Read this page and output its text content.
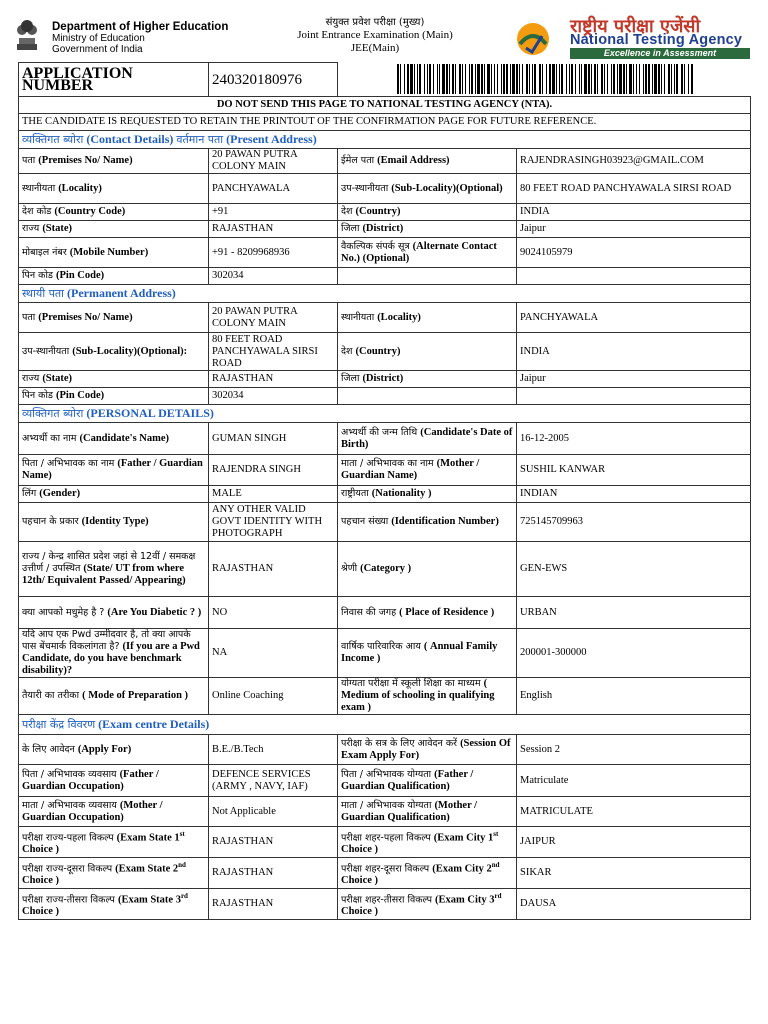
Department of Higher Education
Ministry of Education
Government of India
संयुक्त प्रवेश परीक्षा (मुख्य)
Joint Entrance Examination (Main)
JEE(Main)
राष्ट्रीय परीक्षा एजेंसी
National Testing Agency
Excellence in Assessment
APPLICATION NUMBER	240320180976	

DO NOT SEND THIS PAGE TO NATIONAL TESTING AGENCY (NTA).			
THE CANDIDATE IS REQUESTED TO RETAIN THE PRINTOUT OF THE CONFIRMATION PAGE FOR FUTURE REFERENCE.			
व्यक्तिगत ब्योरा (Contact Details) वर्तमान पता (Present Address)			
पता (Premises No/ Name)	20 PAWAN PUTRA COLONY MAIN	ईमेल पता (Email Address)	RAJENDRASINGH03923@GMAIL.COM
स्थानीयता (Locality)	PANCHYAWALA	उप-स्थानीयता (Sub-Locality)(Optional)	80 FEET ROAD PANCHYAWALA SIRSI ROAD
देश कोड (Country Code)	+91	देश (Country)	INDIA
राज्य (State)	RAJASTHAN	जिला (District)	Jaipur
मोबाइल नंबर (Mobile Number)	+91 - 8209968936	वैकल्पिक संपर्क सूत्र (Alternate Contact No.) (Optional)	9024105979
पिन कोड (Pin Code)	302034		
स्थायी पता (Permanent Address)			
पता (Premises No/ Name)	20 PAWAN PUTRA COLONY MAIN	स्थानीयता (Locality)	PANCHYAWALA
उप-स्थानीयता (Sub-Locality)(Optional):	80 FEET ROAD PANCHYAWALA SIRSI ROAD	देश (Country)	INDIA
राज्य (State)	RAJASTHAN	जिला (District)	Jaipur
पिन कोड (Pin Code)	302034		
व्यक्तिगत ब्योरा (PERSONAL DETAILS)			
अभ्यर्थी का नाम (Candidate's Name)	GUMAN SINGH	अभ्यर्थी की जन्म तिथि (Candidate's Date of Birth)	16-12-2005
पिता / अभिभावक का नाम (Father / Guardian Name)	RAJENDRA SINGH	माता / अभिभावक का नाम (Mother / Guardian Name)	SUSHIL KANWAR
लिंग (Gender)	MALE	राष्ट्रीयता (Nationality )	INDIAN
पहचान के प्रकार (Identity Type)	ANY OTHER VALID GOVT IDENTITY WITH PHOTOGRAPH	पहचान संख्या (Identification Number)	725145709963
राज्य / केन्द्र शासित प्रदेश जहां से 12वीं / समकक्ष उत्तीर्ण / उपस्थित (State/ UT from where 12th/ Equivalent Passed/ Appearing)	RAJASTHAN	श्रेणी (Category )	GEN-EWS
क्या आपको मधुमेह है ? (Are You Diabetic ? )	NO	निवास की जगह ( Place of Residence )	URBAN
यदि आप एक Pwd उम्मीदवार है, तो क्या आपके पास बेंचमार्क विकलांगता है? (If you are a Pwd Candidate, do you have benchmark disability)?	NA	वार्षिक पारिवारिक आय ( Annual Family Income )	200001-300000
तैयारी का तरीका ( Mode of Preparation )	Online Coaching	योग्यता परीक्षा में स्कूली शिक्षा का माध्यम ( Medium of schooling in qualifying exam )	English
परीक्षा केंद्र विवरण (Exam centre Details)			
के लिए आवेदन (Apply For)	B.E./B.Tech	परीक्षा के सत्र के लिए आवेदन करें (Session Of Exam Apply For)	Session 2
पिता / अभिभावक व्यवसाय (Father / Guardian Occupation)	DEFENCE SERVICES (ARMY , NAVY, IAF)	पिता / अभिभावक योग्यता (Father / Guardian Qualification)	Matriculate
माता / अभिभावक व्यवसाय (Mother / Guardian Occupation)	Not Applicable	माता / अभिभावक योग्यता (Mother / Guardian Qualification)	MATRICULATE
परीक्षा राज्य-पहला विकल्प (Exam State 1st Choice )	RAJASTHAN	परीक्षा शहर-पहला विकल्प (Exam City 1st Choice )	JAIPUR
परीक्षा राज्य-दूसरा विकल्प (Exam State 2nd Choice )	RAJASTHAN	परीक्षा शहर-दूसरा विकल्प (Exam City 2nd Choice )	SIKAR
परीक्षा राज्य-तीसरा विकल्प (Exam State 3rd Choice )	RAJASTHAN	परीक्षा शहर-तीसरा विकल्प (Exam City 3rd Choice )	DAUSA
